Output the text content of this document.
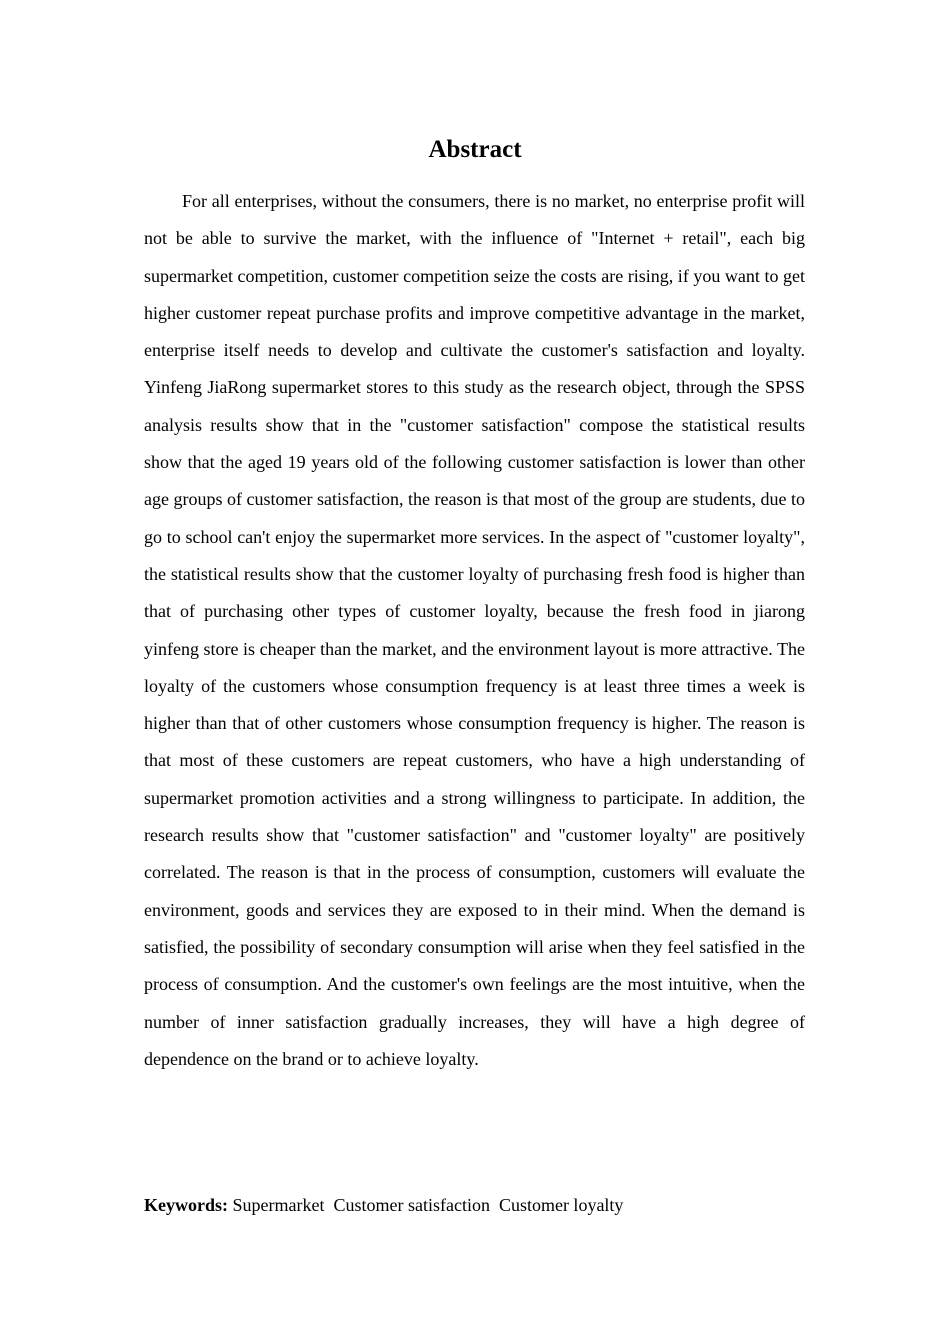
Abstract

For all enterprises, without the consumers, there is no market, no enterprise profit will not be able to survive the market, with the influence of "Internet + retail", each big supermarket competition, customer competition seize the costs are rising, if you want to get higher customer repeat purchase profits and improve competitive advantage in the market, enterprise itself needs to develop and cultivate the customer's satisfaction and loyalty. Yinfeng JiaRong supermarket stores to this study as the research object, through the SPSS analysis results show that in the "customer satisfaction" compose the statistical results show that the aged 19 years old of the following customer satisfaction is lower than other age groups of customer satisfaction, the reason is that most of the group are students, due to go to school can't enjoy the supermarket more services. In the aspect of "customer loyalty", the statistical results show that the customer loyalty of purchasing fresh food is higher than that of purchasing other types of customer loyalty, because the fresh food in jiarong yinfeng store is cheaper than the market, and the environment layout is more attractive. The loyalty of the customers whose consumption frequency is at least three times a week is higher than that of other customers whose consumption frequency is higher. The reason is that most of these customers are repeat customers, who have a high understanding of supermarket promotion activities and a strong willingness to participate. In addition, the research results show that "customer satisfaction" and "customer loyalty" are positively correlated. The reason is that in the process of consumption, customers will evaluate the environment, goods and services they are exposed to in their mind. When the demand is satisfied, the possibility of secondary consumption will arise when they feel satisfied in the process of consumption. And the customer's own feelings are the most intuitive, when the number of inner satisfaction gradually increases, they will have a high degree of dependence on the brand or to achieve loyalty.

Keywords: Supermarket  Customer satisfaction  Customer loyalty
